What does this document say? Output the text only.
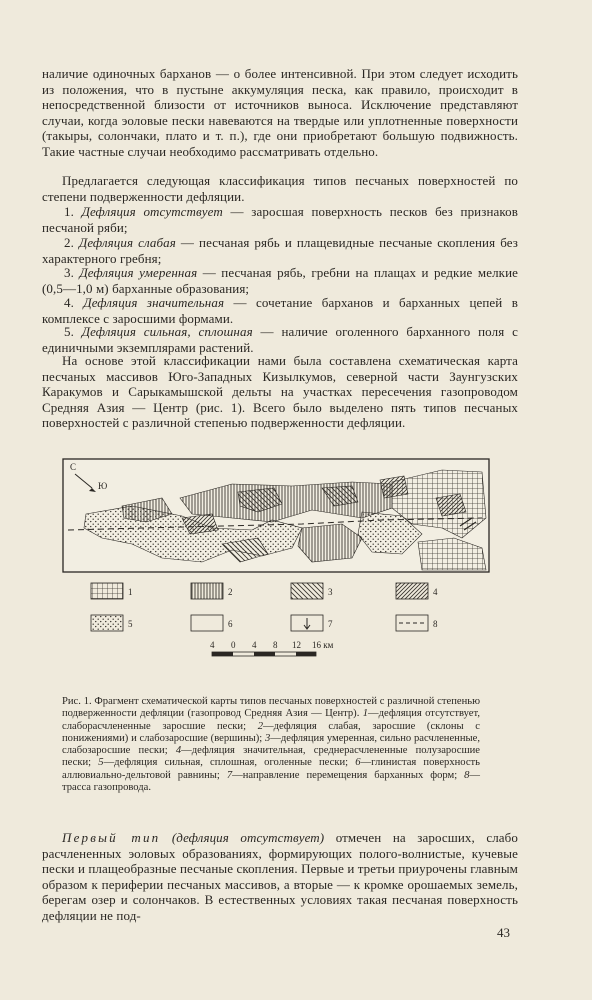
наличие одиночных барханов — о более интенсивной. При этом следует исходить из положения, что в пустыне аккумуляция песка, как правило, происходит в непосредственной близости от источников выноса. Исключение представляют случаи, когда эоловые пески навеваются на твердые или уплотненные поверхности (такыры, солончаки, плато и т. п.), где они приобретают большую подвижность. Такие частные случаи необходимо рассматривать отдельно.

Предлагается следующая классификация типов песчаных поверхностей по степени подверженности дефляции.

1. Дефляция отсутствует — заросшая поверхность песков без признаков песчаной ряби;

2. Дефляция слабая — песчаная рябь и плащевидные песчаные скопления без характерного гребня;

3. Дефляция умеренная — песчаная рябь, гребни на плащах и редкие мелкие (0,5—1,0 м) барханные образования;

4. Дефляция значительная — сочетание барханов и барханных цепей в комплексе с заросшими формами.

5. Дефляция сильная, сплошная — наличие оголенного барханного поля с единичными экземплярами растений.

На основе этой классификации нами была составлена схематическая карта песчаных массивов Юго-Западных Кизылкумов, северной части Заунгузских Каракумов и Сарыкамышской дельты на участках пересечения газопроводом Средняя Азия — Центр (рис. 1). Всего было выделено пять типов песчаных поверхностей с различной степенью подверженности дефляции.

С
Ю
1	2	3	4
5	6	7	8
4 0 4 8 12 16 км

Рис. 1. Фрагмент схематической карты типов песчаных поверхностей с различной степенью подверженности дефляции (газопровод Средняя Азия — Центр). 1—дефляция отсутствует, слаборасчлененные заросшие пески; 2—дефляция слабая, заросшие (склоны с понижениями) и слабозаросшие (вершины); 3—дефляция умеренная, сильно расчлененные, слабозаросшие пески; 4—дефляция значительная, среднерасчлененные полузаросшие пески; 5—дефляция сильная, сплошная, оголенные пески; 6—глинистая поверхность аллювиально-дельтовой равнины; 7—направление перемещения барханных форм; 8—трасса газопровода.

Первый тип (дефляция отсутствует) отмечен на заросших, слабо расчлененных эоловых образованиях, формирующих полого-волнистые, кучевые пески и плащеобразные песчаные скопления. Первые и третьи приурочены главным образом к периферии песчаных массивов, а вторые — к кромке орошаемых земель, берегам озер и солончаков. В естественных условиях такая песчаная поверхность дефляции не под-

43
